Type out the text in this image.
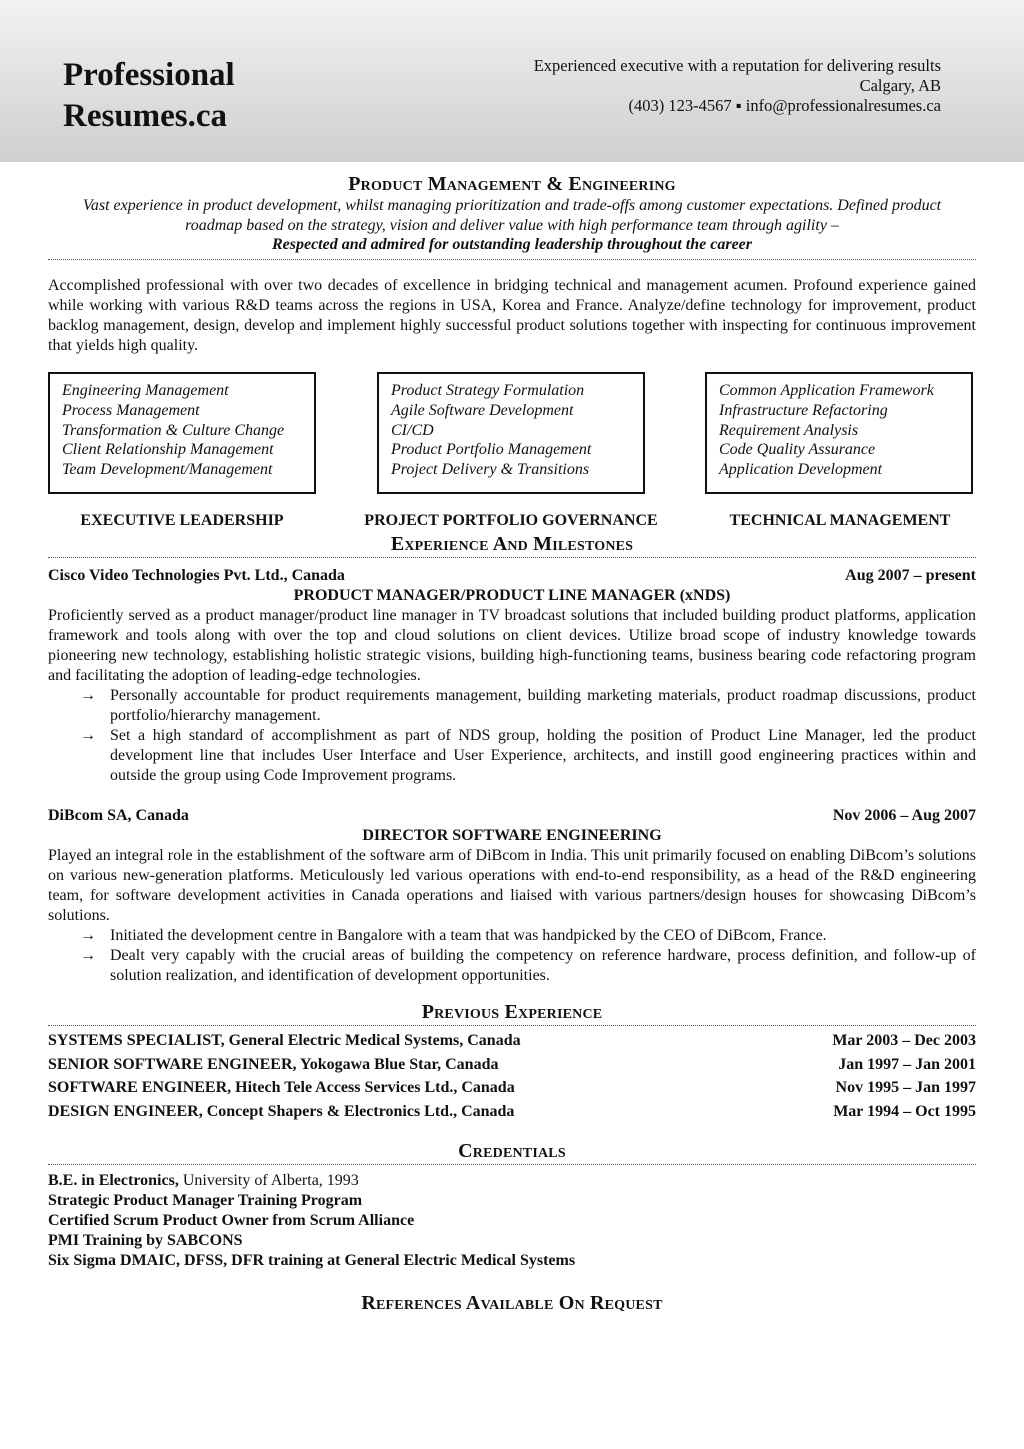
Professional
Resumes.ca
Experienced executive with a reputation for delivering results
Calgary, AB
(403) 123-4567 ▪ info@professionalresumes.ca
Product Management & Engineering
Vast experience in product development, whilst managing prioritization and trade-offs among customer expectations. Defined product roadmap based on the strategy, vision and deliver value with high performance team through agility –
Respected and admired for outstanding leadership throughout the career
Accomplished professional with over two decades of excellence in bridging technical and management acumen. Profound experience gained while working with various R&D teams across the regions in USA, Korea and France. Analyze/define technology for improvement, product backlog management, design, develop and implement highly successful product solutions together with inspecting for continuous improvement that yields high quality.
Engineering Management
Process Management
Transformation & Culture Change
Client Relationship Management
Team Development/Management
Product Strategy Formulation
Agile Software Development
CI/CD
Product Portfolio Management
Project Delivery & Transitions
Common Application Framework
Infrastructure Refactoring
Requirement Analysis
Code Quality Assurance
Application Development
EXECUTIVE LEADERSHIP	PROJECT PORTFOLIO GOVERNANCE	TECHNICAL MANAGEMENT
Experience And Milestones
Cisco Video Technologies Pvt. Ltd., Canada	Aug 2007 – present
PRODUCT MANAGER/PRODUCT LINE MANAGER (xNDS)
Proficiently served as a product manager/product line manager in TV broadcast solutions that included building product platforms, application framework and tools along with over the top and cloud solutions on client devices. Utilize broad scope of industry knowledge towards pioneering new technology, establishing holistic strategic visions, building high-functioning teams, business bearing code refactoring program and facilitating the adoption of leading-edge technologies.
→ Personally accountable for product requirements management, building marketing materials, product roadmap discussions, product portfolio/hierarchy management.
→ Set a high standard of accomplishment as part of NDS group, holding the position of Product Line Manager, led the product development line that includes User Interface and User Experience, architects, and instill good engineering practices within and outside the group using Code Improvement programs.
DiBcom SA, Canada	Nov 2006 – Aug 2007
DIRECTOR SOFTWARE ENGINEERING
Played an integral role in the establishment of the software arm of DiBcom in India. This unit primarily focused on enabling DiBcom’s solutions on various new-generation platforms. Meticulously led various operations with end-to-end responsibility, as a head of the R&D engineering team, for software development activities in Canada operations and liaised with various partners/design houses for showcasing DiBcom’s solutions.
→ Initiated the development centre in Bangalore with a team that was handpicked by the CEO of DiBcom, France.
→ Dealt very capably with the crucial areas of building the competency on reference hardware, process definition, and follow-up of solution realization, and identification of development opportunities.
Previous Experience
SYSTEMS SPECIALIST, General Electric Medical Systems, Canada	Mar 2003 – Dec 2003
SENIOR SOFTWARE ENGINEER, Yokogawa Blue Star, Canada	Jan 1997 – Jan 2001
SOFTWARE ENGINEER, Hitech Tele Access Services Ltd., Canada	Nov 1995 – Jan 1997
DESIGN ENGINEER, Concept Shapers & Electronics Ltd., Canada	Mar 1994 – Oct 1995
Credentials
B.E. in Electronics, University of Alberta, 1993
Strategic Product Manager Training Program
Certified Scrum Product Owner from Scrum Alliance
PMI Training by SABCONS
Six Sigma DMAIC, DFSS, DFR training at General Electric Medical Systems
References Available On Request
